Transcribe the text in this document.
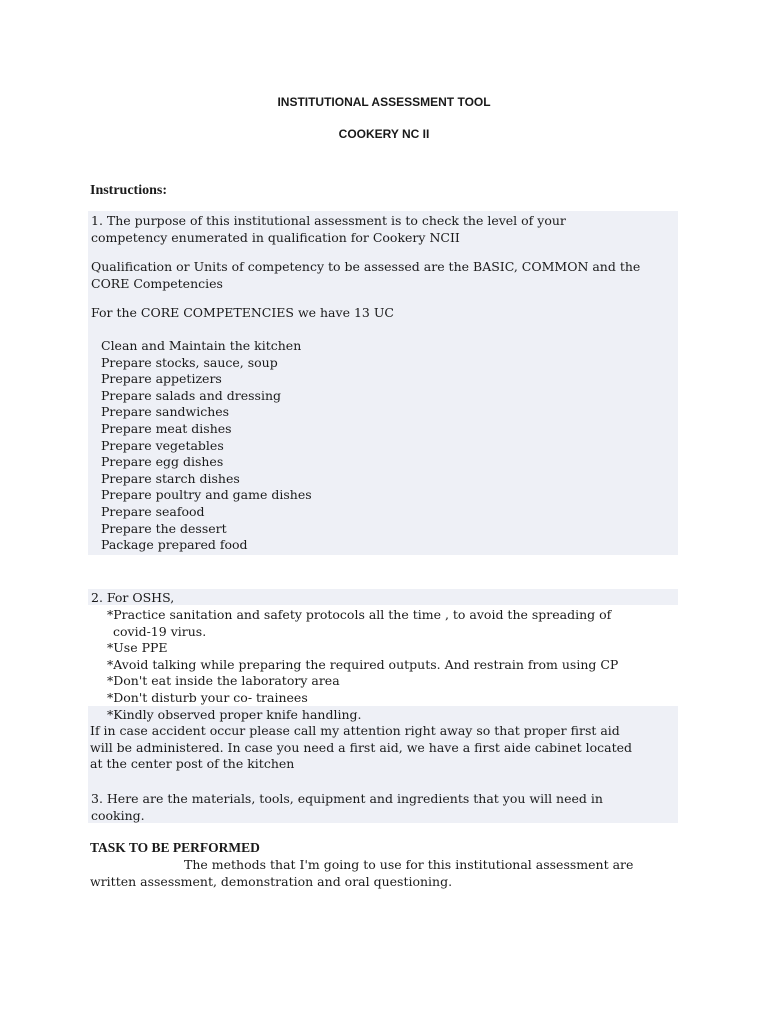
INSTITUTIONAL ASSESSMENT TOOL
COOKERY NC II
Instructions:
1. The purpose of this institutional assessment is to check the level of your
competency enumerated in qualification for Cookery NCII
Qualification or Units of competency to be assessed are the BASIC, COMMON and the
CORE Competencies
For the CORE COMPETENCIES we have 13 UC
Clean and Maintain the kitchen
Prepare stocks, sauce, soup
Prepare appetizers
Prepare salads and dressing
Prepare sandwiches
Prepare meat dishes
Prepare vegetables
Prepare egg dishes
Prepare starch dishes
Prepare poultry and game dishes
Prepare seafood
Prepare the dessert
Package prepared food
2. For OSHS,
*Practice sanitation and safety protocols all the time , to avoid the spreading of
covid-19 virus.
*Use PPE
*Avoid talking while preparing the required outputs. And restrain from using CP
*Don't eat inside the laboratory area
*Don't disturb your co- trainees
*Kindly observed proper knife handling.
If in case accident occur please call my attention right away so that proper first aid
will be administered. In case you need a first aid, we have a first aide cabinet located
at the center post of the kitchen
3. Here are the materials, tools, equipment and ingredients that you will need in
cooking.
TASK TO BE PERFORMED
The methods that I'm going to use for this institutional assessment are
written assessment, demonstration and oral questioning.
